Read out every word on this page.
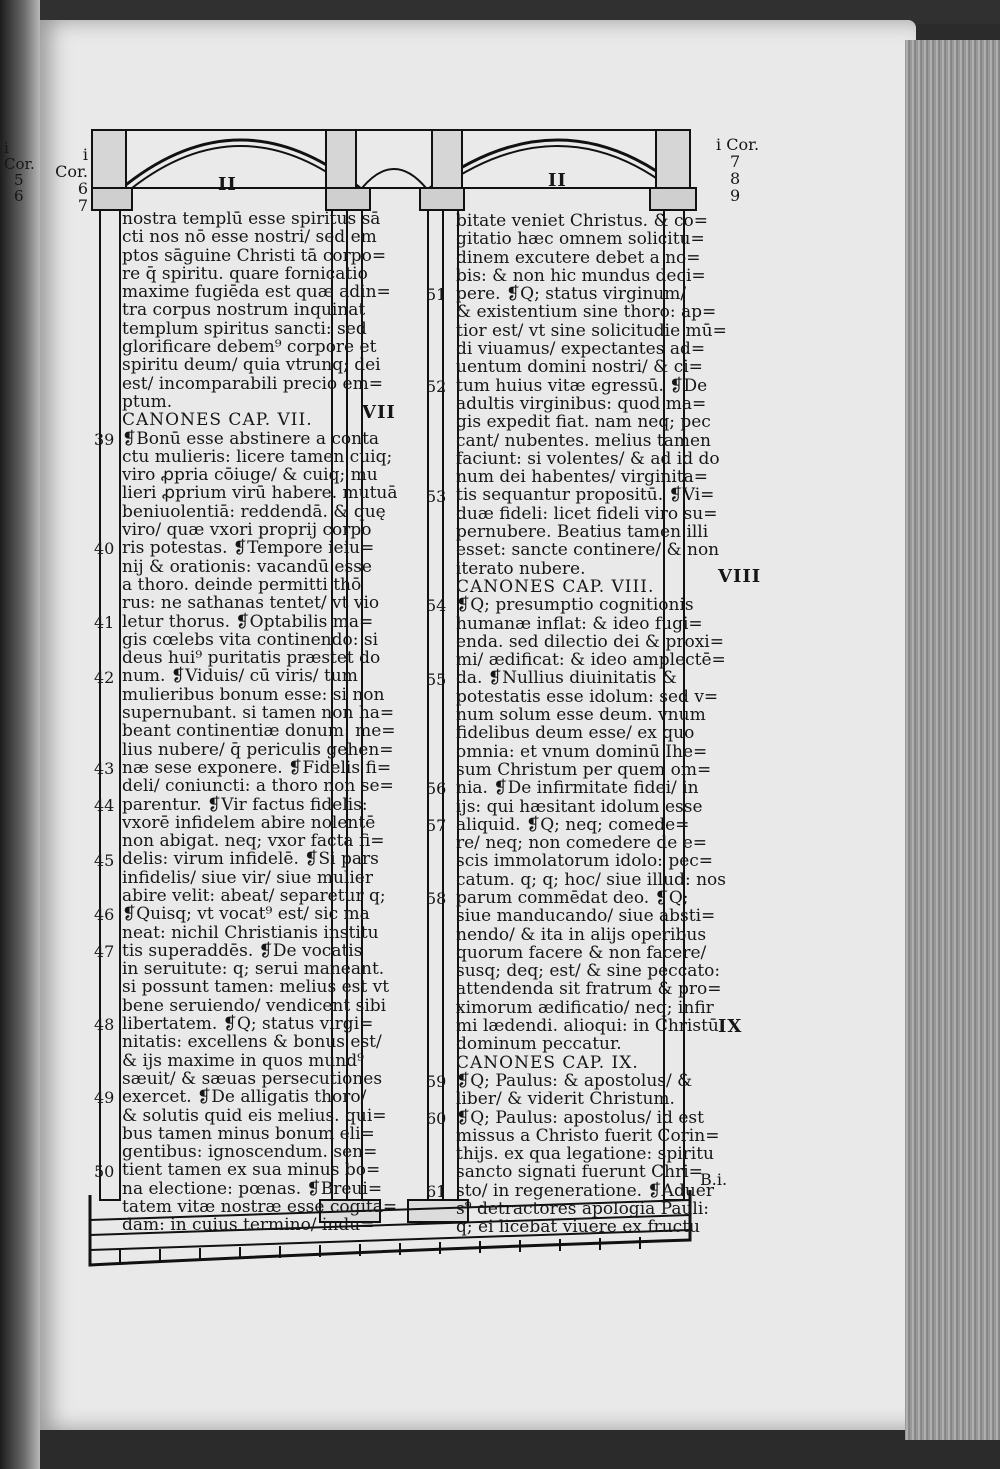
i Cor.
5
6
i Cor.
6
7
i Cor.
7
8
9
II	II
VII
VIII
IX
B.i.
nostra templū esse spiritus sā
cti nos nō esse nostri/ sed em
ptos sāguine Christi tā corpo=
re q̄ spiritu. quare fornicatio
maxime fugiēda est quæ adin=
tra corpus nostrum inquinat
templum spiritus sancti: sed
glorificare debem⁹ corpore et
spiritu deum/ quia vtrunq; dei
est/ incomparabili precio em=
ptum.
CANONES CAP. VII.
❡Bonū esse abstinere a conta
ctu mulieris: licere tamen cuiq;
viro ꝓpria cōiuge/ & cuiq; mu
lieri ꝓprium virū habere. mutuā
beniuolentiā: reddendā. & quę
viro/ quæ vxori proprij corpo
ris potestas. ❡Tempore ieiu=
nij & orationis: vacandū esse
a thoro. deinde permitti thō
rus: ne sathanas tentet/ vt vio
letur thorus. ❡Optabilis ma=
gis cœlebs vita continendo: si
deus hui⁹ puritatis præstet do
num. ❡Viduis/ cū viris/ tum
mulieribus bonum esse: si non
supernubant. si tamen non ha=
beant continentiæ donum: me=
lius nubere/ q̄ periculis gehen=
næ sese exponere. ❡Fidelis fi=
deli/ coniuncti: a thoro non se=
parentur. ❡Vir factus fidelis:
vxorē infidelem abire nolentē
non abigat. neq; vxor facta fi=
delis: virum infidelē. ❡Si pars
infidelis/ siue vir/ siue mulier
abire velit: abeat/ separetur q;
❡Quisq; vt vocat⁹ est/ sic ma
neat: nichil Christianis institu
tis superaddēs. ❡De vocatis
in seruitute: q; serui maneant.
si possunt tamen: melius est vt
bene seruiendo/ vendicent sibi
libertatem. ❡Q; status virgi=
nitatis: excellens & bonus est/
& ijs maxime in quos mund⁹
sæuit/ & sæuas persecutiones
exercet. ❡De alligatis thoro/
& solutis quid eis melius. qui=
bus tamen minus bonum eli=
gentibus: ignoscendum. sen=
tient tamen ex sua minus bo=
na electione: pœnas. ❡Breui=
tatem vitæ nostræ esse cogitā=
dam: in cuius termino/ indu=
bitate veniet Christus. & co=
gitatio hæc omnem solicitu=
dinem excutere debet a no=
bis: & non hic mundus deci=
pere. ❡Q; status virginum/
& existentium sine thoro: ap=
tior est/ vt sine solicitudie mū=
di viuamus/ expectantes ad=
uentum domini nostri/ & ci=
tum huius vitæ egressū. ❡De
adultis virginibus: quod ma=
gis expedit fiat. nam neq; pec
cant/ nubentes. melius tamen
faciunt: si volentes/ & ad id do
num dei habentes/ virginita=
tis sequantur propositū. ❡Vi=
duæ fideli: licet fideli viro su=
pernubere. Beatius tamen illi
esset: sancte continere/ & non
iterato nubere.
CANONES CAP. VIII.
❡Q; presumptio cognitionis
humanæ inflat: & ideo fugi=
enda. sed dilectio dei & proxi=
mi/ ædificat: & ideo amplectē=
da. ❡Nullius diuinitatis &
potestatis esse idolum: sed v=
num solum esse deum. vnum
fidelibus deum esse/ ex quo
omnia: et vnum dominū Ihe=
sum Christum per quem om=
nia. ❡De infirmitate fidei/ in
ijs: qui hæsitant idolum esse
aliquid. ❡Q; neq; comede=
re/ neq; non comedere de e=
scis immolatorum idolo: pec=
catum. q; q; hoc/ siue illud: nos
parum commēdat deo. ❡Q;
siue manducando/ siue absti=
nendo/ & ita in alijs operibus
quorum facere & non facere/
susq; deq; est/ & sine peccato:
attendenda sit fratrum & pro=
ximorum ædificatio/ neq; infir
mi lædendi. alioqui: in Christū
dominum peccatur.
CANONES CAP. IX.
❡Q; Paulus: & apostolus/ &
liber/ & viderit Christum.
❡Q; Paulus: apostolus/ id est
missus a Christo fuerit Corin=
thijs. ex qua legatione: spiritu
sancto signati fuerunt Chri=
sto/ in regeneratione. ❡Aduer
s⁹ detractores apologia Pauli:
q; ei licebat viuere ex fructu
39
40
41
42
43
44
45
46
47
48
49
50
51
52
53
54
55
56
57
58
59
60
61
